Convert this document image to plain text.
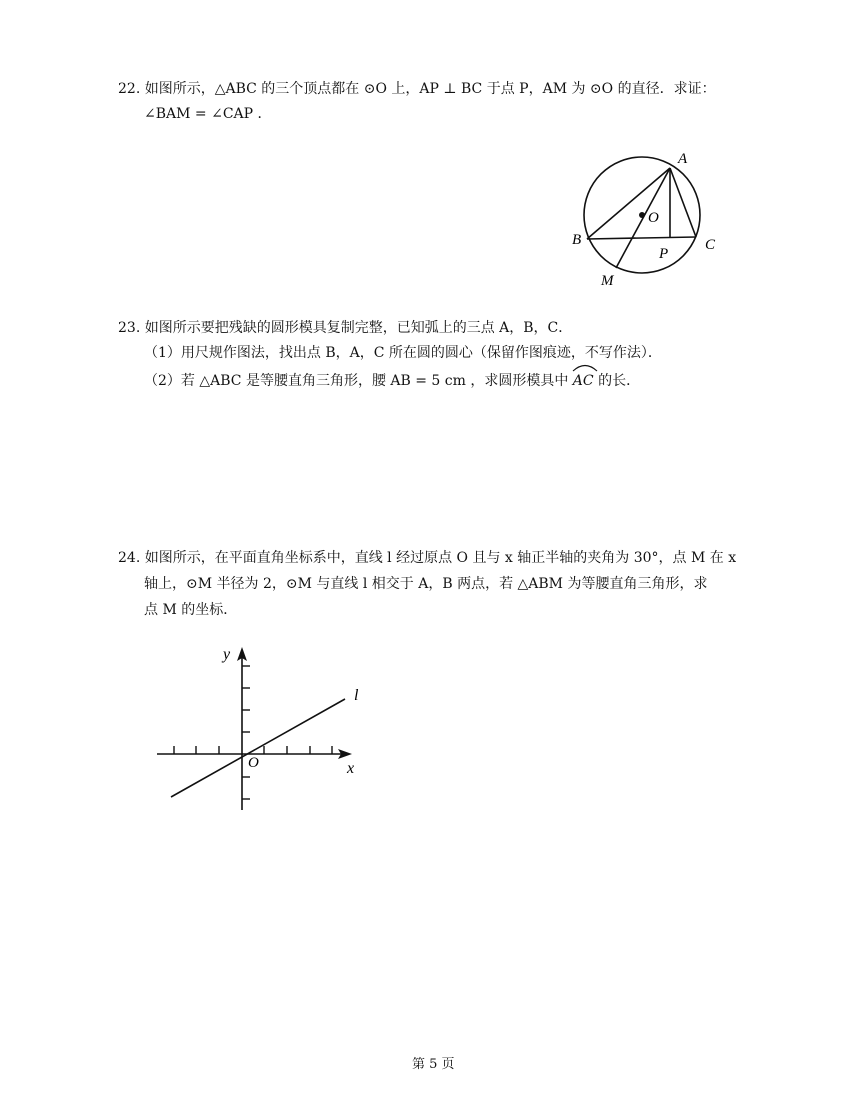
22. 如图所示，△ABC 的三个顶点都在 ⊙O 上，AP ⊥ BC 于点 P，AM 为 ⊙O 的直径．求证：
∠BAM = ∠CAP ．
A
O
B
P
C
M
23. 如图所示要把残缺的圆形模具复制完整，已知弧上的三点 A，B，C．
（1）用尺规作图法，找出点 B，A，C 所在圆的圆心（保留作图痕迹，不写作法）．
（2）若 △ABC 是等腰直角三角形，腰 AB = 5 cm ，求圆形模具中
AC 的长．
24. 如图所示，在平面直角坐标系中，直线 l 经过原点 O 且与 x 轴正半轴的夹角为 30°，点 M 在 x
轴上，⊙M 半径为 2，⊙M 与直线 l 相交于 A，B 两点，若 △ABM 为等腰直角三角形，求
点 M 的坐标．
y
l
O	x
第 5 页
